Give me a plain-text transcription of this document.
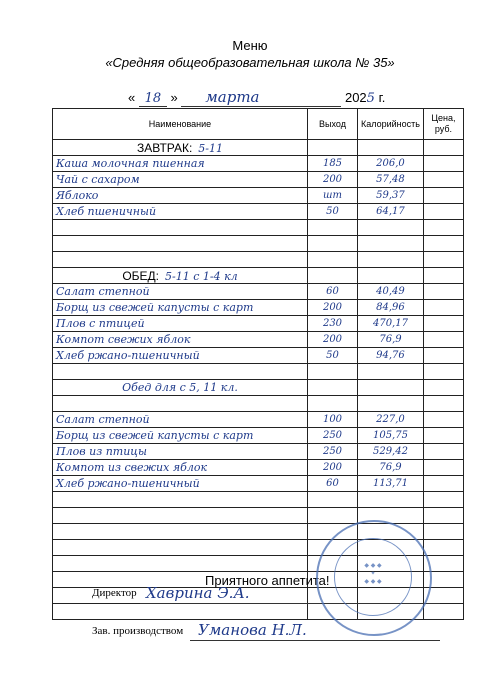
Меню
«Средняя общеобразовательная школа № 35»
« 18 » марта	2025 г.
Наименование	Выход	Калорийность	Цена, руб.
ЗАВТРАК: 5-11			
Каша молочная пшенная	185	206,0	
Чай с сахаром	200	57,48	
Яблоко	шт	59,37	
Хлеб пшеничный	50	64,17	

ОБЕД: 5-11 с 1-4 кл			
Салат степной	60	40,49	
Борщ из свежей капусты с карт	200	84,96	
Плов с птицей	230	470,17	
Компот свежих яблок	200	76,9	
Хлеб ржано-пшеничный	50	94,76	

Обед для с 5, 11 кл.			

Салат степной	100	227,0	
Борщ из свежей капусты с карт	250	105,75	
Плов из птицы	250	529,42	
Компот из свежих яблок	200	76,9	
Хлеб ржано-пшеничный	60	113,71	

Приятного аппетита!
Директор Хаврина Э.А.
Зав. производством Уманова Н.Л.
◆ ◆ ◆
✦
◆ ◆ ◆
